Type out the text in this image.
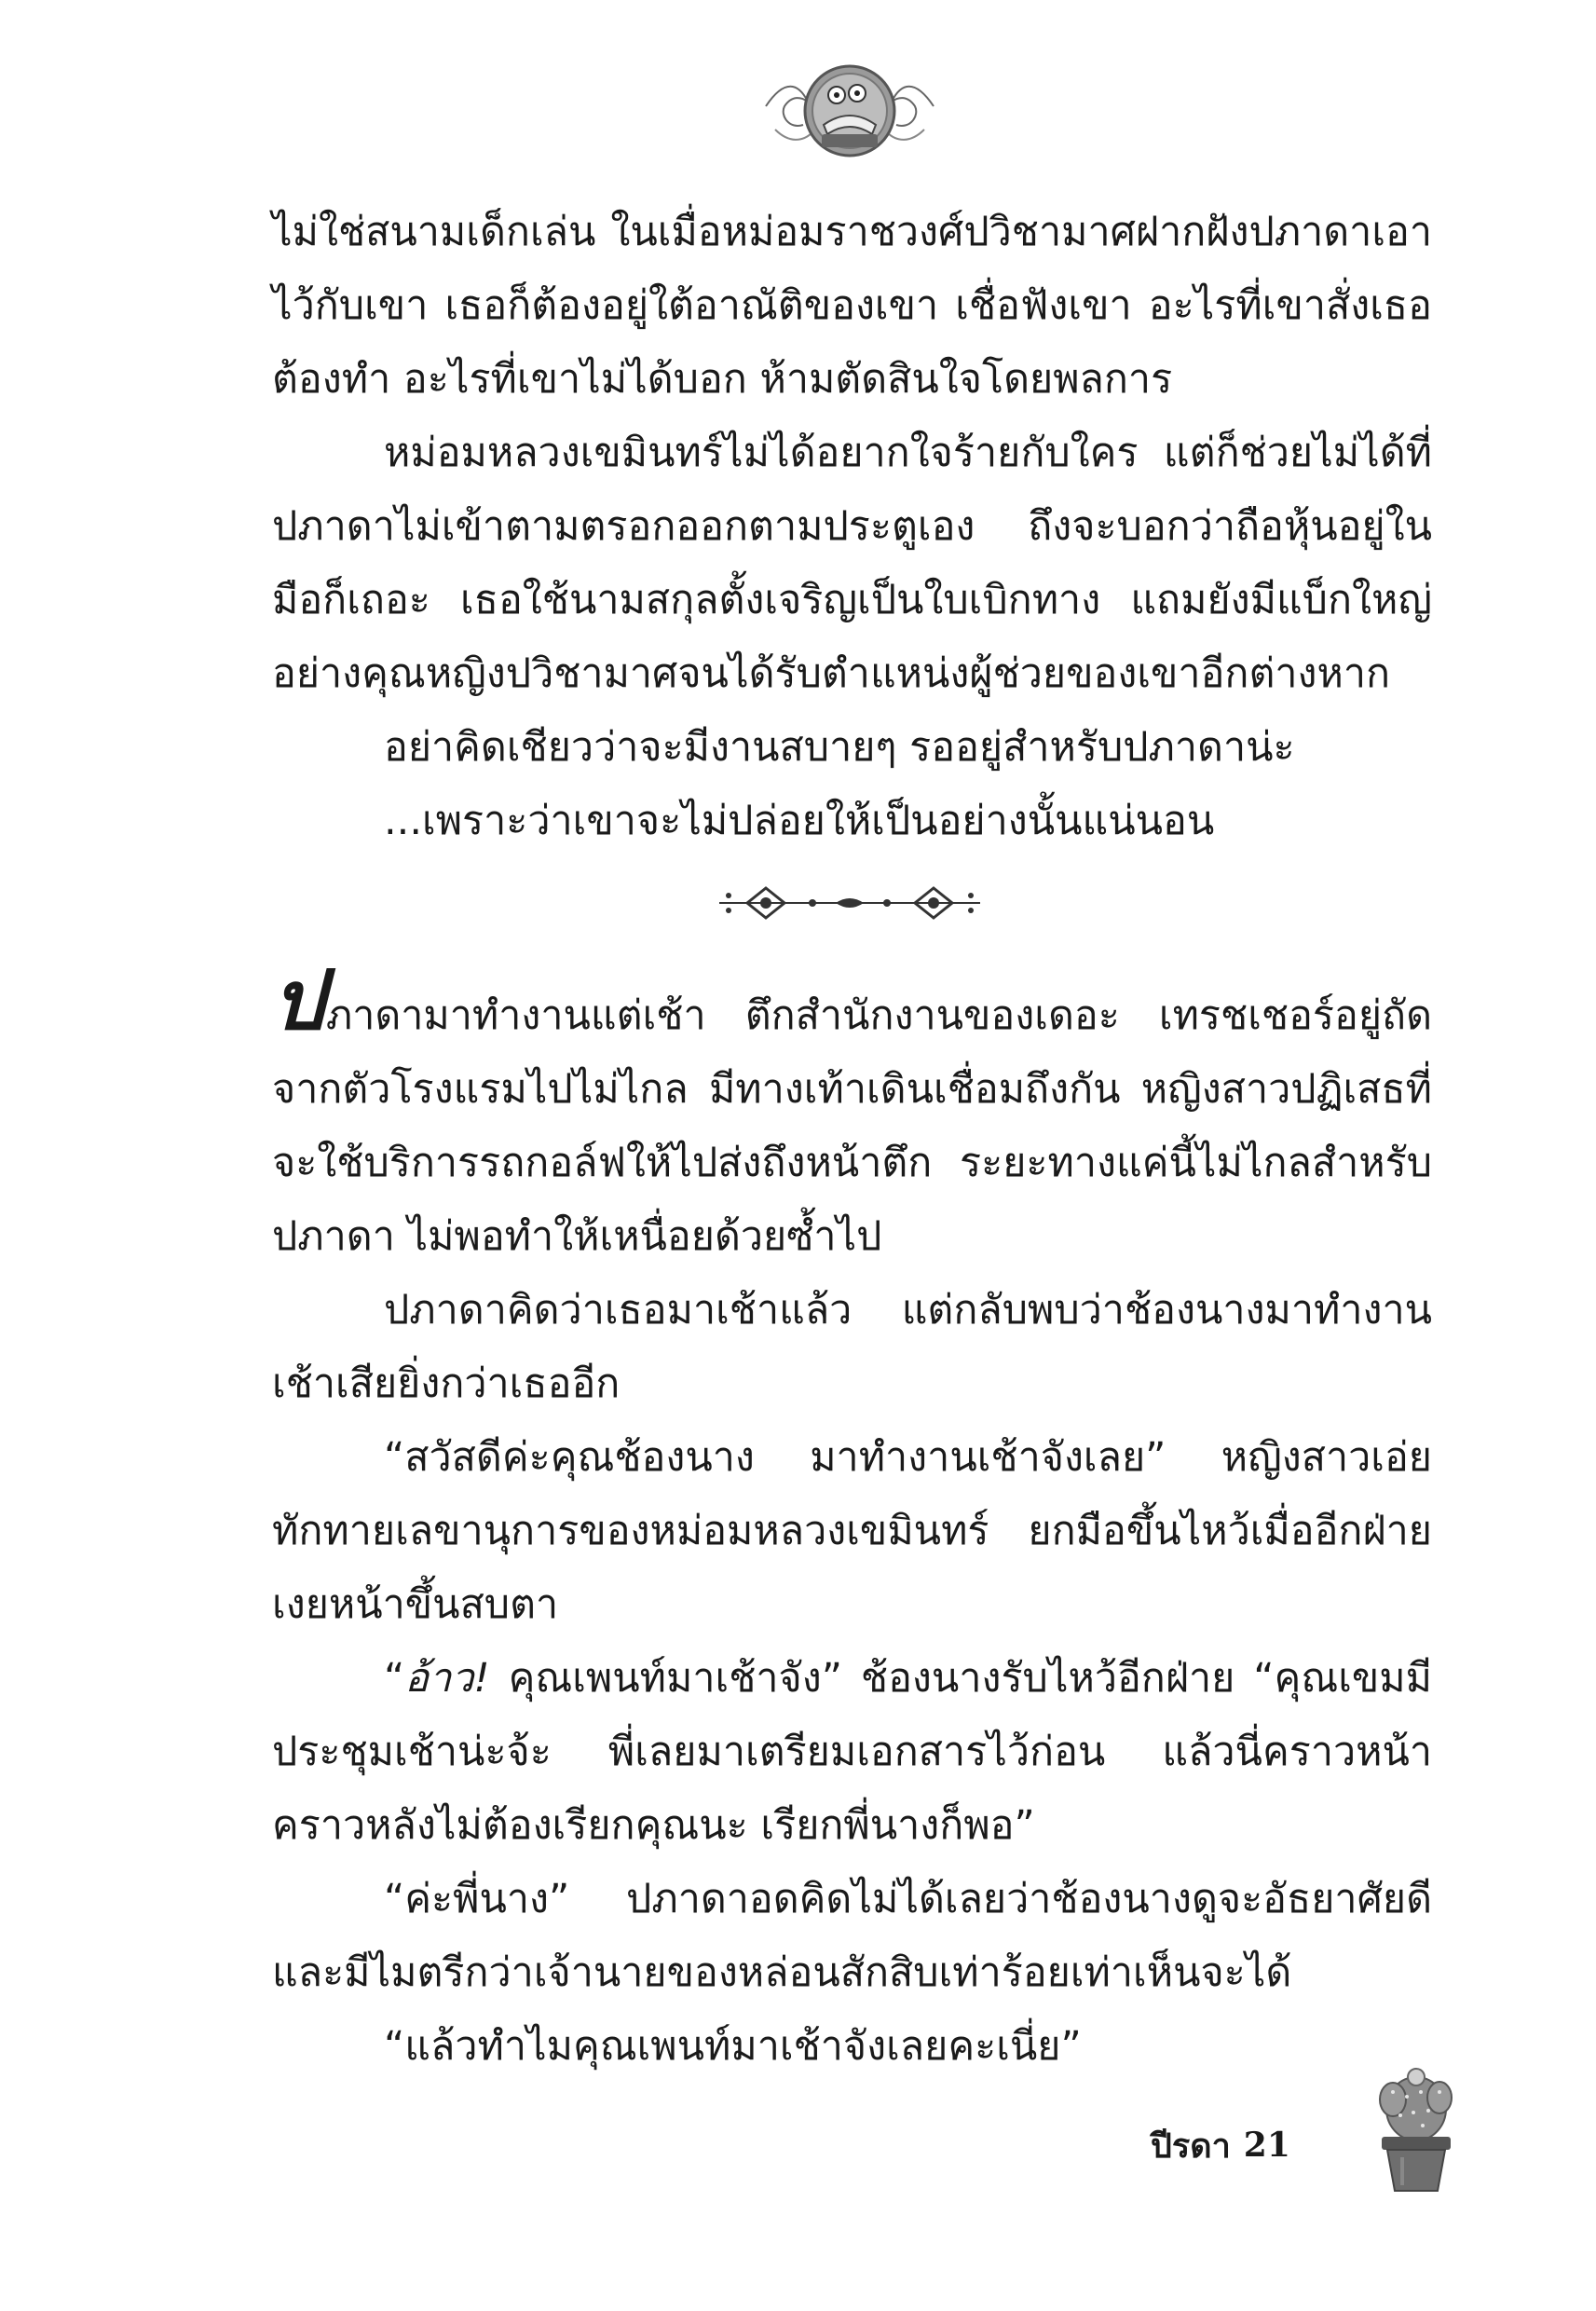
ไม่ใช่สนามเด็กเล่น ในเมื่อหม่อมราชวงศ์ปวิชามาศฝากฝังปภาดาเอาไว้กับเขา เธอก็ต้องอยู่ใต้อาณัติของเขา เชื่อฟังเขา อะไรที่เขาสั่งเธอต้องทำ อะไรที่เขาไม่ได้บอก ห้ามตัดสินใจโดยพลการ

หม่อมหลวงเขมินทร์ไม่ได้อยากใจร้ายกับใคร แต่ก็ช่วยไม่ได้ที่ปภาดาไม่เข้าตามตรอกออกตามประตูเอง ถึงจะบอกว่าถือหุ้นอยู่ในมือก็เถอะ เธอใช้นามสกุลตั้งเจริญเป็นใบเบิกทาง แถมยังมีแบ็กใหญ่อย่างคุณหญิงปวิชามาศจนได้รับตำแหน่งผู้ช่วยของเขาอีกต่างหาก

อย่าคิดเชียวว่าจะมีงานสบายๆ รออยู่สำหรับปภาดาน่ะ

...เพราะว่าเขาจะไม่ปล่อยให้เป็นอย่างนั้นแน่นอน

ปภาดามาทำงานแต่เช้า ตึกสำนักงานของเดอะ เทรชเชอร์อยู่ถัดจากตัวโรงแรมไปไม่ไกล มีทางเท้าเดินเชื่อมถึงกัน หญิงสาวปฏิเสธที่จะใช้บริการรถกอล์ฟให้ไปส่งถึงหน้าตึก ระยะทางแค่นี้ไม่ไกลสำหรับปภาดา ไม่พอทำให้เหนื่อยด้วยซ้ำไป

ปภาดาคิดว่าเธอมาเช้าแล้ว แต่กลับพบว่าช้องนางมาทำงานเช้าเสียยิ่งกว่าเธออีก

“สวัสดีค่ะคุณช้องนาง มาทำงานเช้าจังเลย” หญิงสาวเอ่ยทักทายเลขานุการของหม่อมหลวงเขมินทร์ ยกมือขึ้นไหว้เมื่ออีกฝ่ายเงยหน้าขึ้นสบตา

“อ้าว! คุณเพนท์มาเช้าจัง” ช้องนางรับไหว้อีกฝ่าย “คุณเขมมีประชุมเช้าน่ะจ้ะ พี่เลยมาเตรียมเอกสารไว้ก่อน แล้วนี่คราวหน้าคราวหลังไม่ต้องเรียกคุณนะ เรียกพี่นางก็พอ”

“ค่ะพี่นาง” ปภาดาอดคิดไม่ได้เลยว่าช้องนางดูจะอัธยาศัยดีและมีไมตรีกว่าเจ้านายของหล่อนสักสิบเท่าร้อยเท่าเห็นจะได้

“แล้วทำไมคุณเพนท์มาเช้าจังเลยคะเนี่ย”

ปีรดา 21
